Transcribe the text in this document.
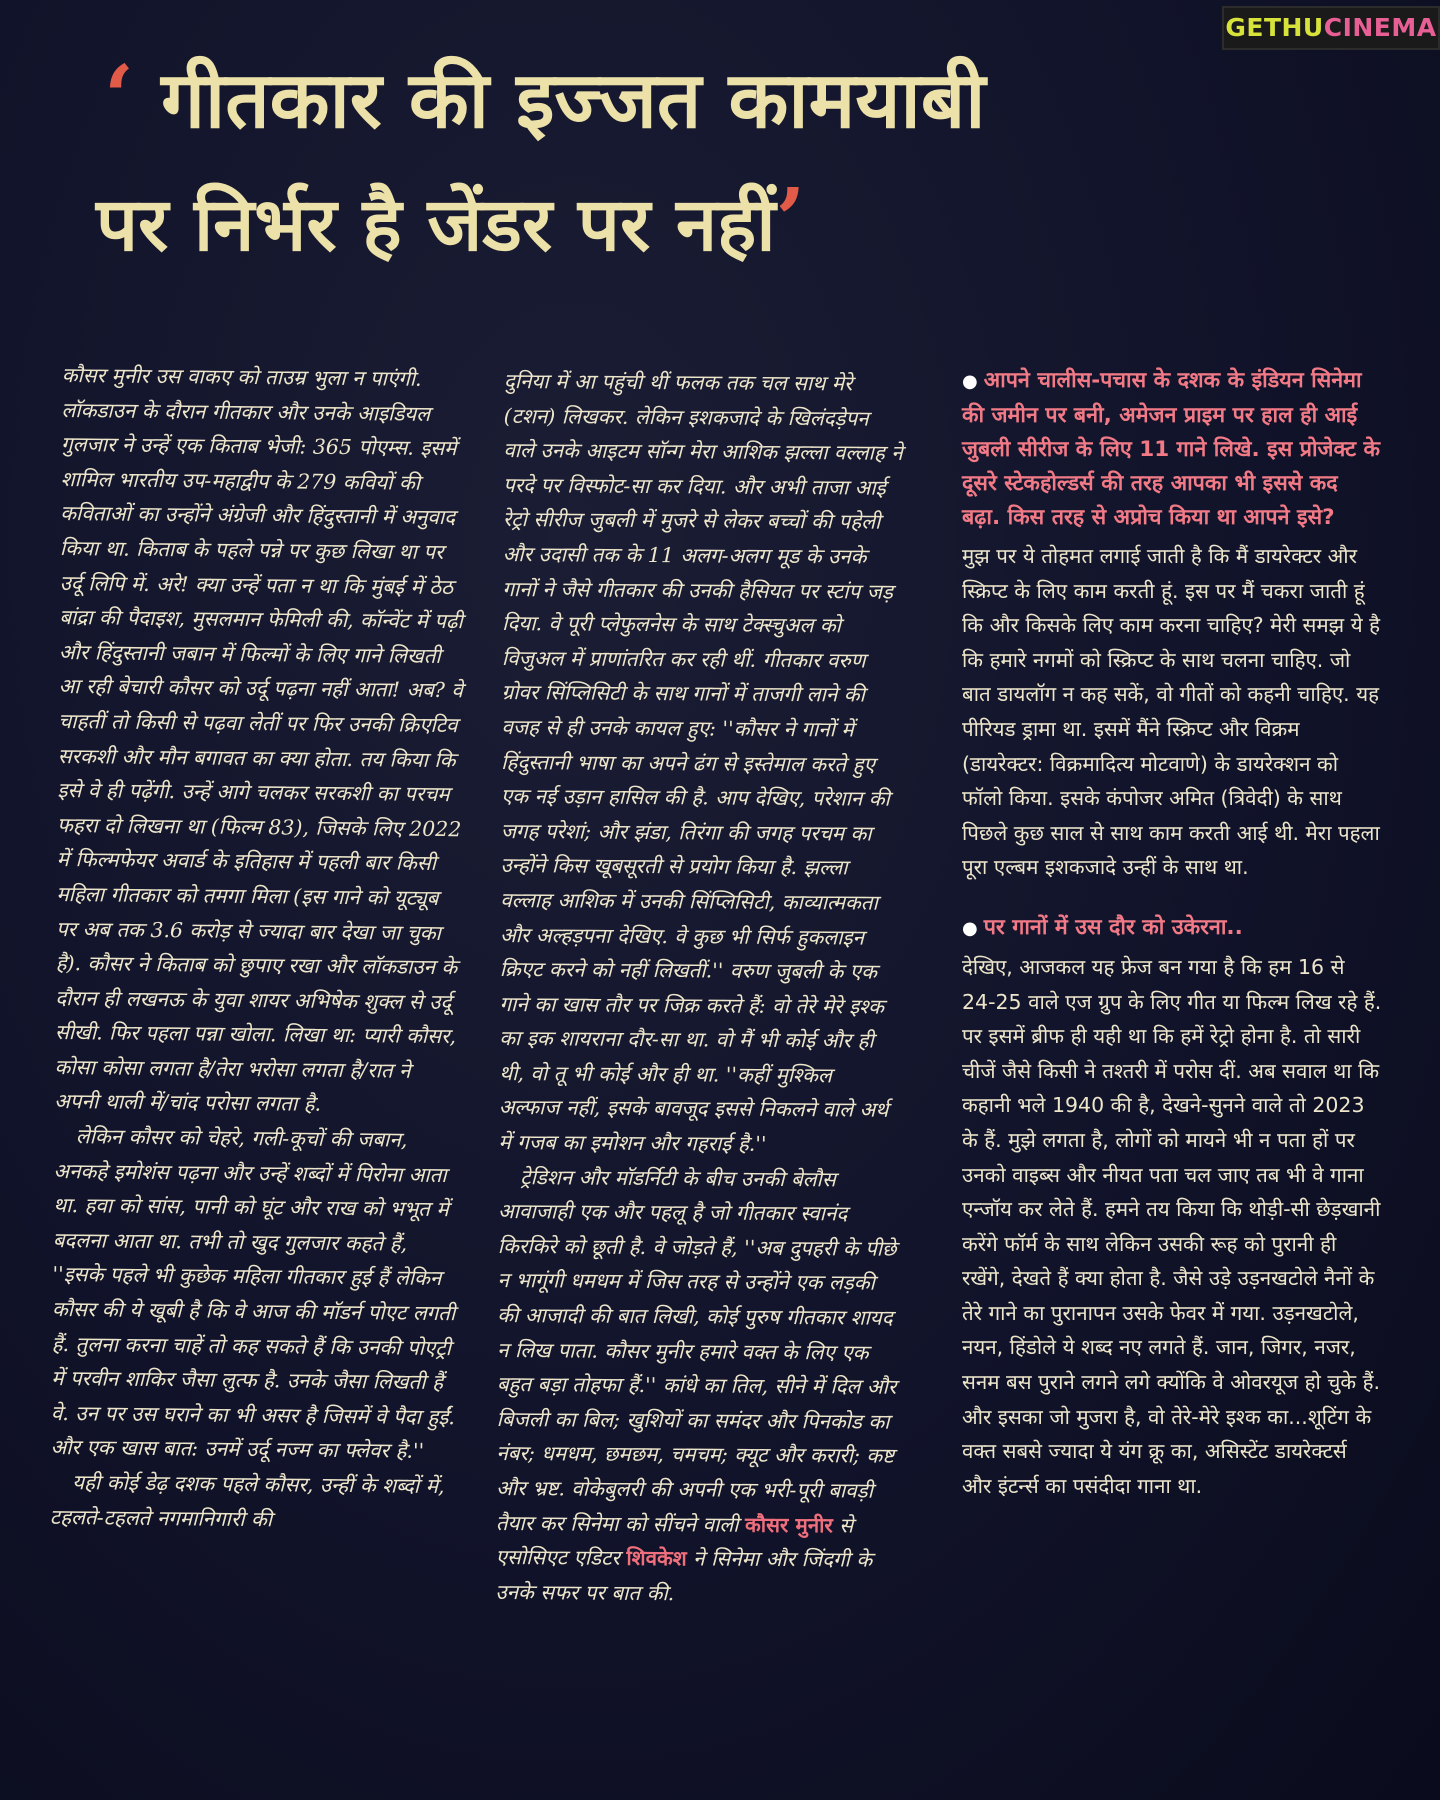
GETHUCINEMA
‘ गीतकार की इज्जत कामयाबी
पर निर्भर है जेंडर पर नहीं’

कौसर मुनीर उस वाकए को ताउम्र भुला न पाएंगी. लॉकडाउन के दौरान गीतकार और उनके आइडियल गुलजार ने उन्हें एक किताब भेजी: 365 पोएम्स. इसमें शामिल भारतीय उप-महाद्वीप के 279 कवियों की कविताओं का उन्होंने अंग्रेजी और हिंदुस्तानी में अनुवाद किया था. किताब के पहले पन्ने पर कुछ लिखा था पर उर्दू लिपि में. अरे! क्या उन्हें पता न था कि मुंबई में ठेठ बांद्रा की पैदाइश, मुसलमान फेमिली की, कॉन्वेंट में पढ़ी और हिंदुस्तानी जबान में फिल्मों के लिए गाने लिखती आ रही बेचारी कौसर को उर्दू पढ़ना नहीं आता! अब? वे चाहतीं तो किसी से पढ़वा लेतीं पर फिर उनकी क्रिएटिव सरकशी और मौन बगावत का क्या होता. तय किया कि इसे वे ही पढ़ेंगी. उन्हें आगे चलकर सरकशी का परचम फहरा दो लिखना था (फिल्म 83), जिसके लिए 2022 में फिल्मफेयर अवार्ड के इतिहास में पहली बार किसी महिला गीतकार को तमगा मिला (इस गाने को यूट्यूब पर अब तक 3.6 करोड़ से ज्यादा बार देखा जा चुका है). कौसर ने किताब को छुपाए रखा और लॉकडाउन के दौरान ही लखनऊ के युवा शायर अभिषेक शुक्ल से उर्दू सीखी. फिर पहला पन्ना खोला. लिखा था: प्यारी कौसर, कोसा कोसा लगता है/तेरा भरोसा लगता है/रात ने अपनी थाली में/चांद परोसा लगता है.

लेकिन कौसर को चेहरे, गली-कूचों की जबान, अनकहे इमोशंस पढ़ना और उन्हें शब्दों में पिरोना आता था. हवा को सांस, पानी को घूंट और राख को भभूत में बदलना आता था. तभी तो खुद गुलजार कहते हैं, ''इसके पहले भी कुछेक महिला गीतकार हुई हैं लेकिन कौसर की ये खूबी है कि वे आज की मॉडर्न पोएट लगती हैं. तुलना करना चाहें तो कह सकते हैं कि उनकी पोएट्री में परवीन शाकिर जैसा लुत्फ है. उनके जैसा लिखती हैं वे. उन पर उस घराने का भी असर है जिसमें वे पैदा हुईं. और एक खास बात: उनमें उर्दू नज्म का फ्लेवर है.''

यही कोई डेढ़ दशक पहले कौसर, उन्हीं के शब्दों में, टहलते-टहलते नगमानिगारी की

दुनिया में आ पहुंची थीं फलक तक चल साथ मेरे (टशन) लिखकर. लेकिन इशकजादे के खिलंदड़ेपन वाले उनके आइटम सॉन्ग मेरा आशिक झल्ला वल्लाह ने परदे पर विस्फोट-सा कर दिया. और अभी ताजा आई रेट्रो सीरीज जुबली में मुजरे से लेकर बच्चों की पहेली और उदासी तक के 11 अलग-अलग मूड के उनके गानों ने जैसे गीतकार की उनकी हैसियत पर स्टांप जड़ दिया. वे पूरी प्लेफुलनेस के साथ टेक्स्चुअल को विजुअल में प्राणांतरित कर रही थीं. गीतकार वरुण ग्रोवर सिंप्लिसिटी के साथ गानों में ताजगी लाने की वजह से ही उनके कायल हुए: ''कौसर ने गानों में हिंदुस्तानी भाषा का अपने ढंग से इस्तेमाल करते हुए एक नई उड़ान हासिल की है. आप देखिए, परेशान की जगह परेशां; और झंडा, तिरंगा की जगह परचम का उन्होंने किस खूबसूरती से प्रयोग किया है. झल्ला वल्लाह आशिक में उनकी सिंप्लिसिटी, काव्यात्मकता और अल्हड़पना देखिए. वे कुछ भी सिर्फ हुकलाइन क्रिएट करने को नहीं लिखतीं.'' वरुण जुबली के एक गाने का खास तौर पर जिक्र करते हैं: वो तेरे मेरे इश्क का इक शायराना दौर-सा था. वो मैं भी कोई और ही थी, वो तू भी कोई और ही था. ''कहीं मुश्किल अल्फाज नहीं, इसके बावजूद इससे निकलने वाले अर्थ में गजब का इमोशन और गहराई है.''

ट्रेडिशन और मॉडर्निटी के बीच उनकी बेलौस आवाजाही एक और पहलू है जो गीतकार स्वानंद किरकिरे को छूती है. वे जोड़ते हैं, ''अब दुपहरी के पीछे न भागूंगी धमधम में जिस तरह से उन्होंने एक लड़की की आजादी की बात लिखी, कोई पुरुष गीतकार शायद न लिख पाता. कौसर मुनीर हमारे वक्त के लिए एक बहुत बड़ा तोहफा हैं.'' कांधे का तिल, सीने में दिल और बिजली का बिल; खुशियों का समंदर और पिनकोड का नंबर; धमधम, छमछम, चमचम; क्यूट और करारी; कष्ट और भ्रष्ट. वोकेबुलरी की अपनी एक भरी-पूरी बावड़ी तैयार कर सिनेमा को सींचने वाली कौसर मुनीर से एसोसिएट एडिटर शिवकेश ने सिनेमा और जिंदगी के उनके सफर पर बात की.

● आपने चालीस-पचास के दशक के इंडियन सिनेमा की जमीन पर बनी, अमेजन प्राइम पर हाल ही आई जुबली सीरीज के लिए 11 गाने लिखे. इस प्रोजेक्ट के दूसरे स्टेकहोल्डर्स की तरह आपका भी इससे कद बढ़ा. किस तरह से अप्रोच किया था आपने इसे?

मुझ पर ये तोहमत लगाई जाती है कि मैं डायरेक्टर और स्क्रिप्ट के लिए काम करती हूं. इस पर मैं चकरा जाती हूं कि और किसके लिए काम करना चाहिए? मेरी समझ ये है कि हमारे नगमों को स्क्रिप्ट के साथ चलना चाहिए. जो बात डायलॉग न कह सकें, वो गीतों को कहनी चाहिए. यह पीरियड ड्रामा था. इसमें मैंने स्क्रिप्ट और विक्रम (डायरेक्टर: विक्रमादित्य मोटवाणे) के डायरेक्शन को फॉलो किया. इसके कंपोजर अमित (त्रिवेदी) के साथ पिछले कुछ साल से साथ काम करती आई थी. मेरा पहला पूरा एल्बम इशकजादे उन्हीं के साथ था.

● पर गानों में उस दौर को उकेरना..

देखिए, आजकल यह फ्रेज बन गया है कि हम 16 से 24-25 वाले एज ग्रुप के लिए गीत या फिल्म लिख रहे हैं. पर इसमें ब्रीफ ही यही था कि हमें रेट्रो होना है. तो सारी चीजें जैसे किसी ने तश्तरी में परोस दीं. अब सवाल था कि कहानी भले 1940 की है, देखने-सुनने वाले तो 2023 के हैं. मुझे लगता है, लोगों को मायने भी न पता हों पर उनको वाइब्स और नीयत पता चल जाए तब भी वे गाना एन्जॉय कर लेते हैं. हमने तय किया कि थोड़ी-सी छेड़खानी करेंगे फॉर्म के साथ लेकिन उसकी रूह को पुरानी ही रखेंगे, देखते हैं क्या होता है. जैसे उड़े उड़नखटोले नैनों के तेरे गाने का पुरानापन उसके फेवर में गया. उड़नखटोले, नयन, हिंडोले ये शब्द नए लगते हैं. जान, जिगर, नजर, सनम बस पुराने लगने लगे क्योंकि वे ओवरयूज हो चुके हैं. और इसका जो मुजरा है, वो तेरे-मेरे इश्क का...शूटिंग के वक्त सबसे ज्यादा ये यंग क्रू का, असिस्टेंट डायरेक्टर्स और इंटर्न्स का पसंदीदा गाना था.
